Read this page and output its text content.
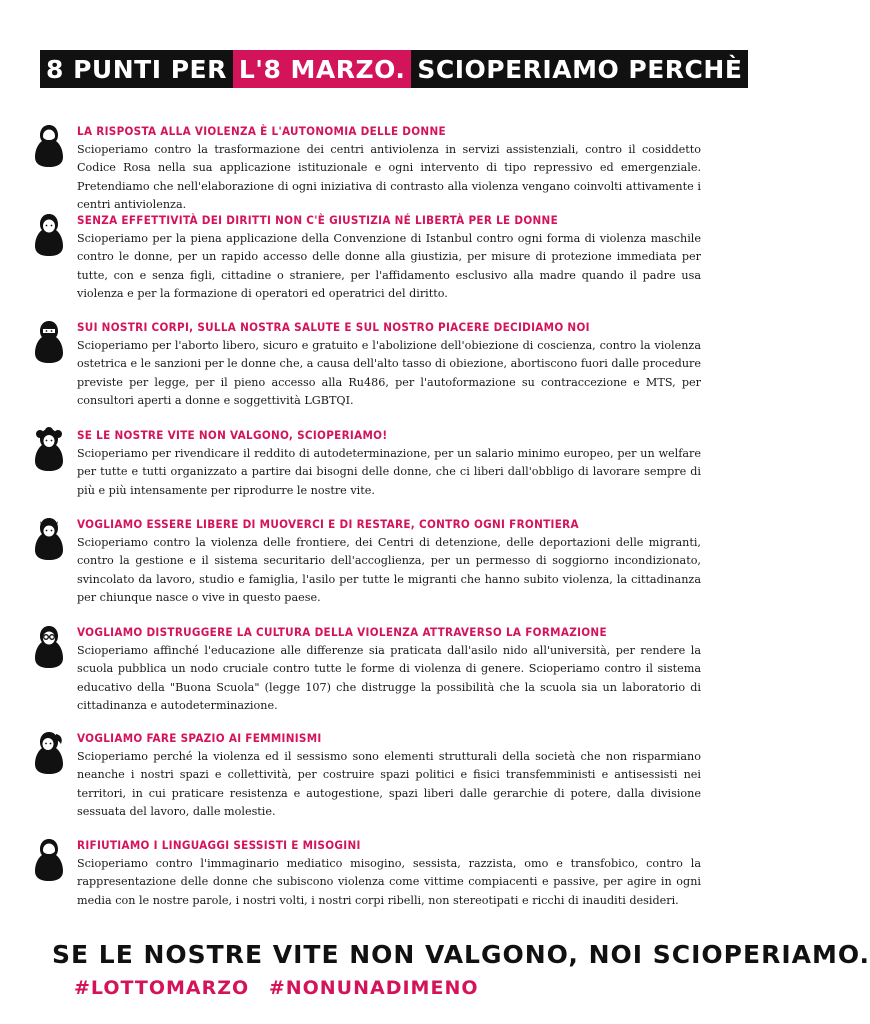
8 PUNTI PER L'8 MARZO. SCIOPERIAMO PERCHÈ
LA RISPOSTA ALLA VIOLENZA È L'AUTONOMIA DELLE DONNE
Scioperiamo contro la trasformazione dei centri antiviolenza in servizi assistenziali, contro il cosiddetto Codice Rosa nella sua applicazione istituzionale e ogni intervento di tipo repressivo ed emergenziale. Pretendiamo che nell'elaborazione di ogni iniziativa di contrasto alla violenza vengano coinvolti attivamente i centri antiviolenza.
SENZA EFFETTIVITÀ DEI DIRITTI NON C'È GIUSTIZIA NÉ LIBERTÀ PER LE DONNE
Scioperiamo per la piena applicazione della Convenzione di Istanbul contro ogni forma di violenza maschile contro le donne, per un rapido accesso delle donne alla giustizia, per misure di protezione immediata per tutte, con e senza figli, cittadine o straniere, per l'affidamento esclusivo alla madre quando il padre usa violenza e per la formazione di operatori ed operatrici del diritto.
SUI NOSTRI CORPI, SULLA NOSTRA SALUTE E SUL NOSTRO PIACERE DECIDIAMO NOI
Scioperiamo per l'aborto libero, sicuro e gratuito e l'abolizione dell'obiezione di coscienza, contro la violenza ostetrica e le sanzioni per le donne che, a causa dell'alto tasso di obiezione, abortiscono fuori dalle procedure previste per legge, per il pieno accesso alla Ru486, per l'autoformazione su contraccezione e MTS, per consultori aperti a donne e soggettività LGBTQI.
SE LE NOSTRE VITE NON VALGONO, SCIOPERIAMO!
Scioperiamo per rivendicare il reddito di autodeterminazione, per un salario minimo europeo, per un welfare per tutte e tutti organizzato a partire dai bisogni delle donne, che ci liberi dall'obbligo di lavorare sempre di più e più intensamente per riprodurre le nostre vite.
VOGLIAMO ESSERE LIBERE DI MUOVERCI E DI RESTARE, CONTRO OGNI FRONTIERA
Scioperiamo contro la violenza delle frontiere, dei Centri di detenzione, delle deportazioni delle migranti, contro la gestione e il sistema securitario dell'accoglienza, per un permesso di soggiorno incondizionato, svincolato da lavoro, studio e famiglia, l'asilo per tutte le migranti che hanno subito violenza, la cittadinanza per chiunque nasce o vive in questo paese.
VOGLIAMO DISTRUGGERE LA CULTURA DELLA VIOLENZA ATTRAVERSO LA FORMAZIONE
Scioperiamo affinché l'educazione alle differenze sia praticata dall'asilo nido all'università, per rendere la scuola pubblica un nodo cruciale contro tutte le forme di violenza di genere. Scioperiamo contro il sistema educativo della "Buona Scuola" (legge 107) che distrugge la possibilità che la scuola sia un laboratorio di cittadinanza e autodeterminazione.
VOGLIAMO FARE SPAZIO AI FEMMINISMI
Scioperiamo perché la violenza ed il sessismo sono elementi strutturali della società che non risparmiano neanche i nostri spazi e collettività, per costruire spazi politici e fisici transfemministi e antisessisti nei territori, in cui praticare resistenza e autogestione, spazi liberi dalle gerarchie di potere, dalla divisione sessuata del lavoro, dalle molestie.
RIFIUTIAMO I LINGUAGGI SESSISTI E MISOGINI
Scioperiamo contro l'immaginario mediatico misogino, sessista, razzista, omo e transfobico, contro la rappresentazione delle donne che subiscono violenza come vittime compiacenti e passive, per agire in ogni media con le nostre parole, i nostri volti, i nostri corpi ribelli, non stereotipati e ricchi di inauditi desideri.
SE LE NOSTRE VITE NON VALGONO, NOI SCIOPERIAMO.
#LOTTOMARZO #NONUNADIMENO
